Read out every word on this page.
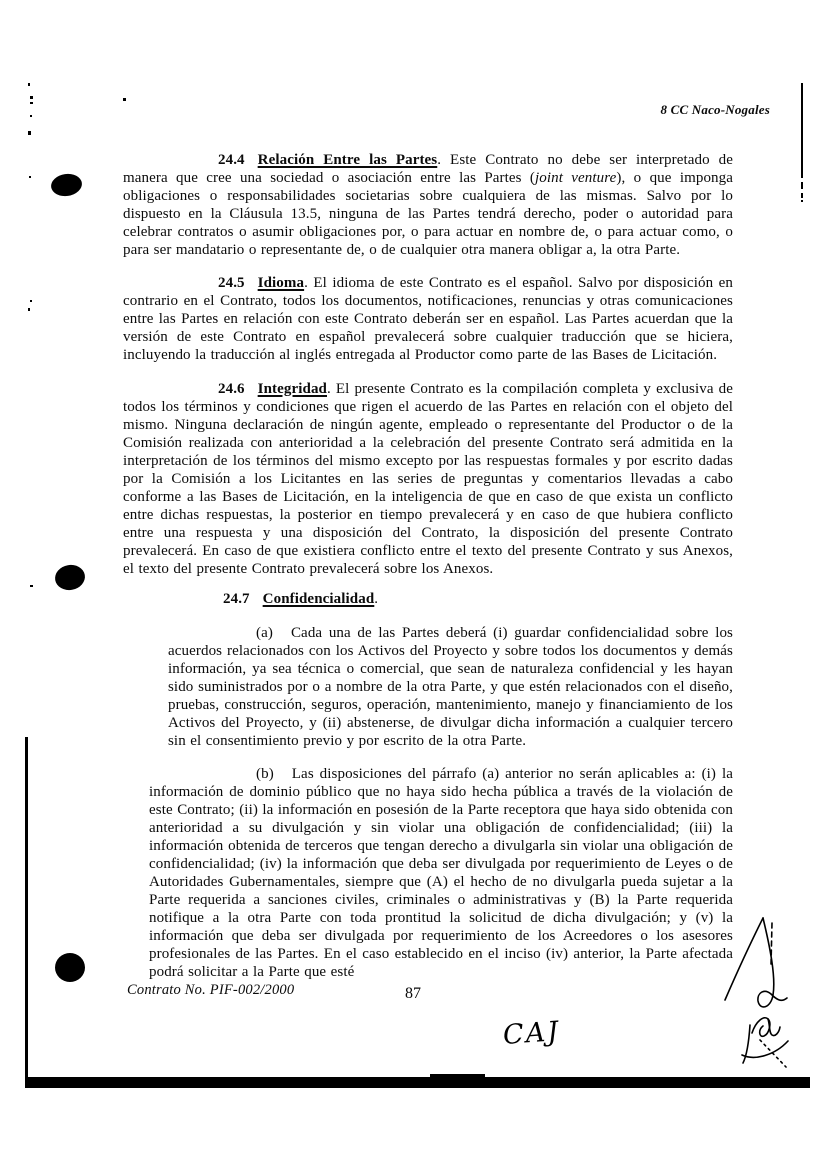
8 CC Naco-Nogales

24.4 Relación Entre las Partes. Este Contrato no debe ser interpretado de manera que cree una sociedad o asociación entre las Partes (joint venture), o que imponga obligaciones o responsabilidades societarias sobre cualquiera de las mismas. Salvo por lo dispuesto en la Cláusula 13.5, ninguna de las Partes tendrá derecho, poder o autoridad para celebrar contratos o asumir obligaciones por, o para actuar en nombre de, o para actuar como, o para ser mandatario o representante de, o de cualquier otra manera obligar a, la otra Parte.

24.5 Idioma. El idioma de este Contrato es el español. Salvo por disposición en contrario en el Contrato, todos los documentos, notificaciones, renuncias y otras comunicaciones entre las Partes en relación con este Contrato deberán ser en español. Las Partes acuerdan que la versión de este Contrato en español prevalecerá sobre cualquier traducción que se hiciera, incluyendo la traducción al inglés entregada al Productor como parte de las Bases de Licitación.

24.6 Integridad. El presente Contrato es la compilación completa y exclusiva de todos los términos y condiciones que rigen el acuerdo de las Partes en relación con el objeto del mismo. Ninguna declaración de ningún agente, empleado o representante del Productor o de la Comisión realizada con anterioridad a la celebración del presente Contrato será admitida en la interpretación de los términos del mismo excepto por las respuestas formales y por escrito dadas por la Comisión a los Licitantes en las series de preguntas y comentarios llevadas a cabo conforme a las Bases de Licitación, en la inteligencia de que en caso de que exista un conflicto entre dichas respuestas, la posterior en tiempo prevalecerá y en caso de que hubiera conflicto entre una respuesta y una disposición del Contrato, la disposición del presente Contrato prevalecerá. En caso de que existiera conflicto entre el texto del presente Contrato y sus Anexos, el texto del presente Contrato prevalecerá sobre los Anexos.

24.7 Confidencialidad.

(a) Cada una de las Partes deberá (i) guardar confidencialidad sobre los acuerdos relacionados con los Activos del Proyecto y sobre todos los documentos y demás información, ya sea técnica o comercial, que sean de naturaleza confidencial y les hayan sido suministrados por o a nombre de la otra Parte, y que estén relacionados con el diseño, pruebas, construcción, seguros, operación, mantenimiento, manejo y financiamiento de los Activos del Proyecto, y (ii) abstenerse, de divulgar dicha información a cualquier tercero sin el consentimiento previo y por escrito de la otra Parte.

(b) Las disposiciones del párrafo (a) anterior no serán aplicables a: (i) la información de dominio público que no haya sido hecha pública a través de la violación de este Contrato; (ii) la información en posesión de la Parte receptora que haya sido obtenida con anterioridad a su divulgación y sin violar una obligación de confidencialidad; (iii) la información obtenida de terceros que tengan derecho a divulgarla sin violar una obligación de confidencialidad; (iv) la información que deba ser divulgada por requerimiento de Leyes o de Autoridades Gubernamentales, siempre que (A) el hecho de no divulgarla pueda sujetar a la Parte requerida a sanciones civiles, criminales o administrativas y (B) la Parte requerida notifique a la otra Parte con toda prontitud la solicitud de dicha divulgación; y (v) la información que deba ser divulgada por requerimiento de los Acreedores o los asesores profesionales de las Partes. En el caso establecido en el inciso (iv) anterior, la Parte afectada podrá solicitar a la Parte que esté

Contrato No. PIF-002/2000	87
CAJ
